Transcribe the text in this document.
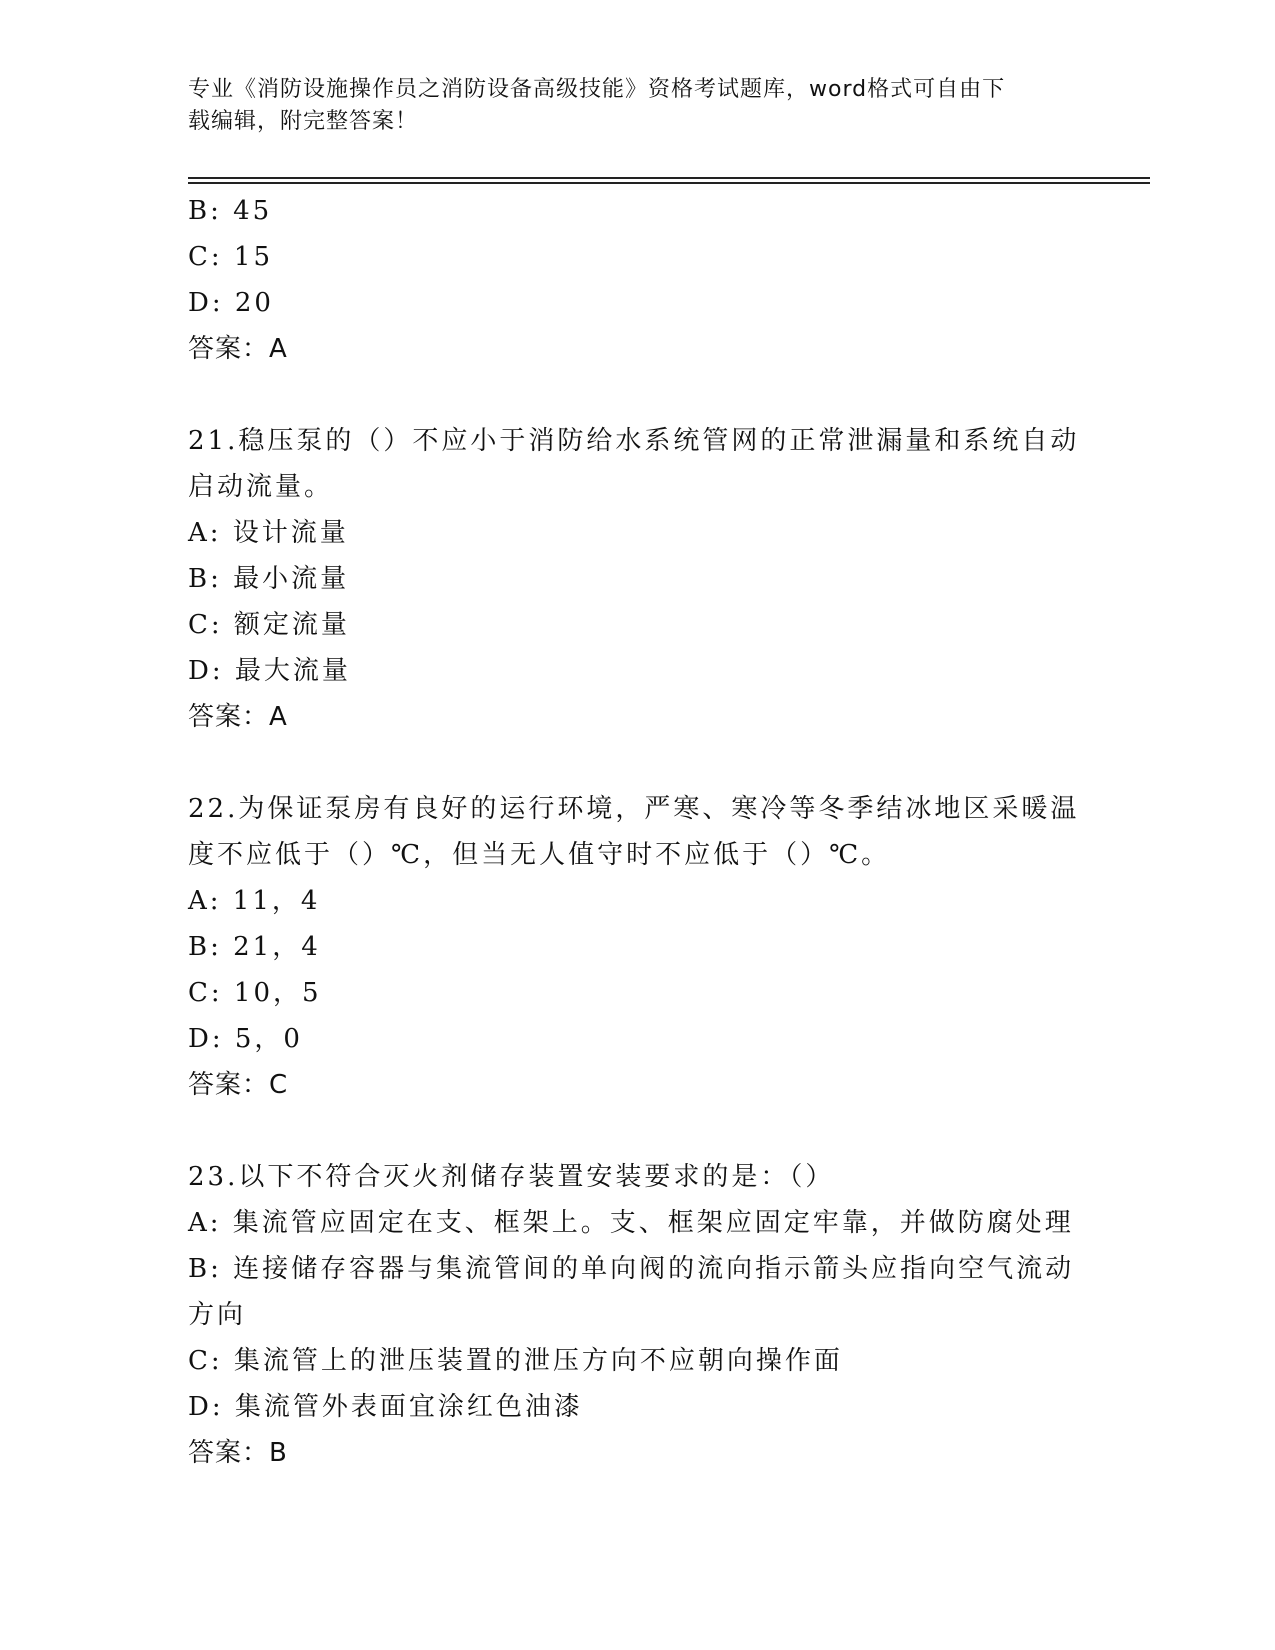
专业《消防设施操作员之消防设备高级技能》资格考试题库，word格式可自由下
载编辑，附完整答案！
B: 45
C: 15
D: 20
答案：A
21.稳压泵的（）不应小于消防给水系统管网的正常泄漏量和系统自动
启动流量。
A: 设计流量
B: 最小流量
C: 额定流量
D: 最大流量
答案：A
22.为保证泵房有良好的运行环境，严寒、寒冷等冬季结冰地区采暖温
度不应低于（）℃，但当无人值守时不应低于（）℃。
A: 11，4
B: 21，4
C: 10，5
D: 5，0
答案：C
23.以下不符合灭火剂储存装置安装要求的是：（）
A: 集流管应固定在支、框架上。支、框架应固定牢靠，并做防腐处理
B: 连接储存容器与集流管间的单向阀的流向指示箭头应指向空气流动
方向
C: 集流管上的泄压装置的泄压方向不应朝向操作面
D: 集流管外表面宜涂红色油漆
答案：B
